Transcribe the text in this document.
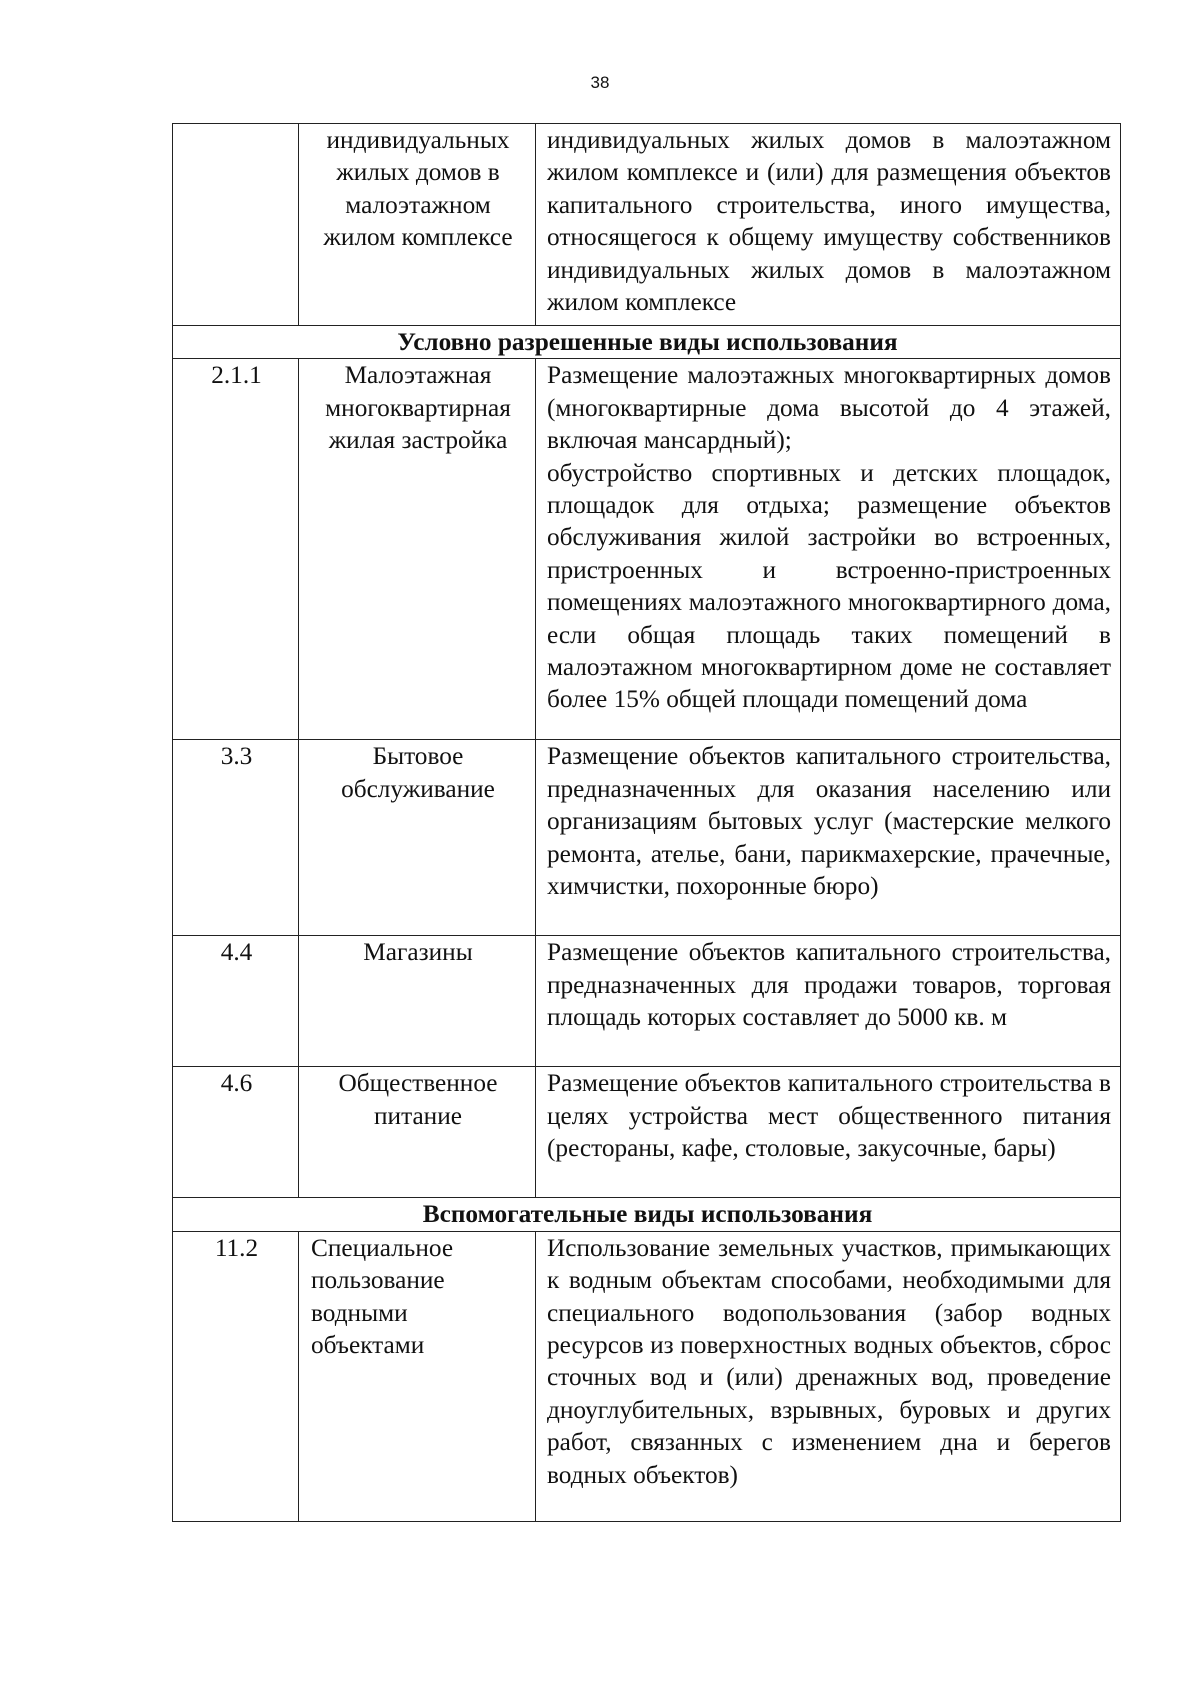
38
	индивидуальных жилых домов в малоэтажном жилом комплексе	индивидуальных жилых домов в малоэтажном жилом комплексе и (или) для размещения объектов капитального строительства, иного имущества, относящегося к общему имуществу собственников индивидуальных жилых домов в малоэтажном жилом комплексе
Условно разрешенные виды использования		
2.1.1	Малоэтажная многоквартирная жилая застройка	Размещение малоэтажных многоквартирных домов (многоквартирные дома высотой до 4 этажей, включая мансардный);
обустройство спортивных и детских площадок, площадок для отдыха; размещение объектов обслуживания жилой застройки во встроенных, пристроенных и встроенно-пристроенных помещениях малоэтажного многоквартирного дома, если общая площадь таких помещений в малоэтажном многоквартирном доме не составляет более 15% общей площади помещений дома

3.3	Бытовое обслуживание	Размещение объектов капитального строительства, предназначенных для оказания населению или организациям бытовых услуг (мастерские мелкого ремонта, ателье, бани, парикмахерские, прачечные, химчистки, похоронные бюро)
4.4	Магазины	Размещение объектов капитального строительства, предназначенных для продажи товаров, торговая площадь которых составляет до 5000 кв. м
4.6	Общественное питание	Размещение объектов капитального строительства в целях устройства мест общественного питания (рестораны, кафе, столовые, закусочные, бары)
Вспомогательные виды использования		
11.2	Специальное пользование водными объектами	Использование земельных участков, примыкающих к водным объектам способами, необходимыми для специального водопользования (забор водных ресурсов из поверхностных водных объектов, сброс сточных вод и (или) дренажных вод, проведение дноуглубительных, взрывных, буровых и других работ, связанных с изменением дна и берегов водных объектов)
